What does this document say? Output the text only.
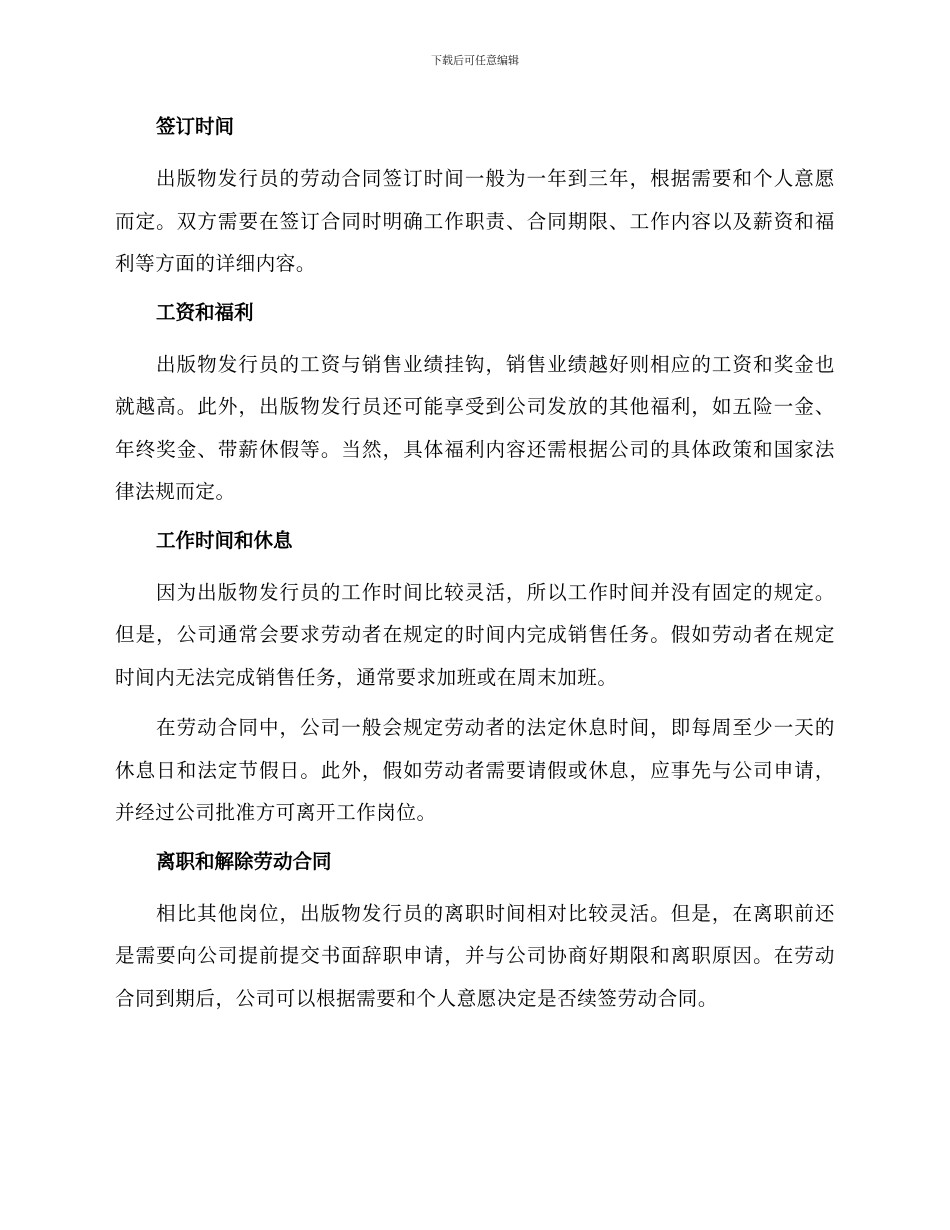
下载后可任意编辑
签订时间

出版物发行员的劳动合同签订时间一般为一年到三年，根据需要和个人意愿而定。双方需要在签订合同时明确工作职责、合同期限、工作内容以及薪资和福利等方面的详细内容。

工资和福利

出版物发行员的工资与销售业绩挂钩，销售业绩越好则相应的工资和奖金也就越高。此外，出版物发行员还可能享受到公司发放的其他福利，如五险一金、年终奖金、带薪休假等。当然，具体福利内容还需根据公司的具体政策和国家法律法规而定。

工作时间和休息

因为出版物发行员的工作时间比较灵活，所以工作时间并没有固定的规定。但是，公司通常会要求劳动者在规定的时间内完成销售任务。假如劳动者在规定时间内无法完成销售任务，通常要求加班或在周末加班。

在劳动合同中，公司一般会规定劳动者的法定休息时间，即每周至少一天的休息日和法定节假日。此外，假如劳动者需要请假或休息，应事先与公司申请，并经过公司批准方可离开工作岗位。

离职和解除劳动合同

相比其他岗位，出版物发行员的离职时间相对比较灵活。但是，在离职前还是需要向公司提前提交书面辞职申请，并与公司协商好期限和离职原因。在劳动合同到期后，公司可以根据需要和个人意愿决定是否续签劳动合同。
